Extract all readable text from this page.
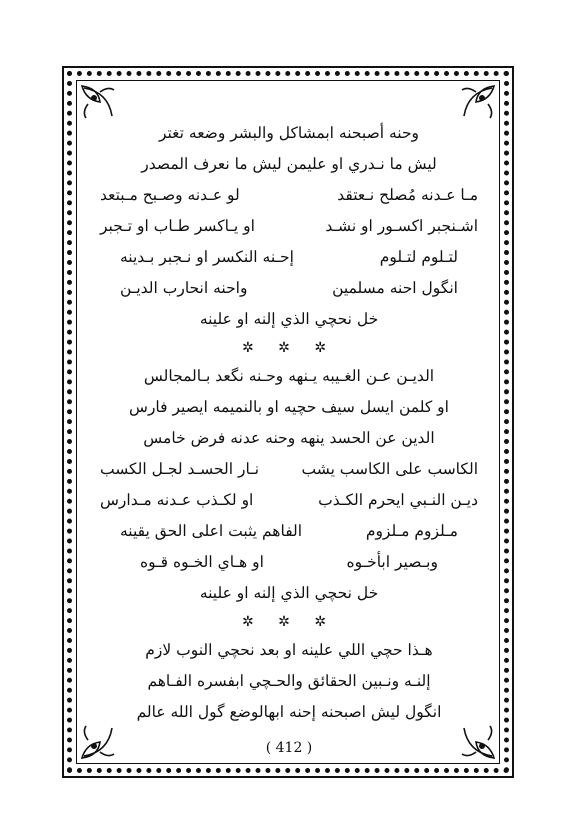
وحنه أصبحنه ابمشاكل والبشر وضعه تغتر
ليش ما نـدري او عليمن ليش ما نعرف المصدر
مـا عـدنه مُصلح نـعتقد
لو عـدنه وصـبح مـبتعد
اشـنجبر اكسـور او نشـد
او يـاكسر طـاب او تـجبر
لتـلوم لتـلوم
إحـنه النكسر او نـجبر بـدينه
انگول احنه مسلمين
واحنه انحارب الديـن
خل نحچي الذي إلنه او علينه
✲ ✲ ✲
الديـن عـن الغـيبه يـنهه وحـنه نگعد بـالمجالس
او كلمن ايسل سيف حچيه او بالنميمه ايصير فارس
الدين عن الحسد ينهه وحنه عدنه فرض خامس
الكاسب على الكاسب يشب
نـار الحسـد لجـل الكسب
ديـن النـبي ايحرم الكـذب
او لكـذب عـدنه مـدارس
مـلزوم مـلزوم
الفاهم يثبت اعلى الحق يقينه
وبـصير ابأخـوه
او هـاي الخـوه قـوه
خل نحچي الذي إلنه او علينه
✲ ✲ ✲
هـذا حچي اللي علينه او بعد نحچي النوب لازم
إلنـه ونـبين الحقائق والحـچي ابفسره الفـاهم
انگول ليش اصبحنه إحنه ابهالوضع گول الله عالم
( 412 )
